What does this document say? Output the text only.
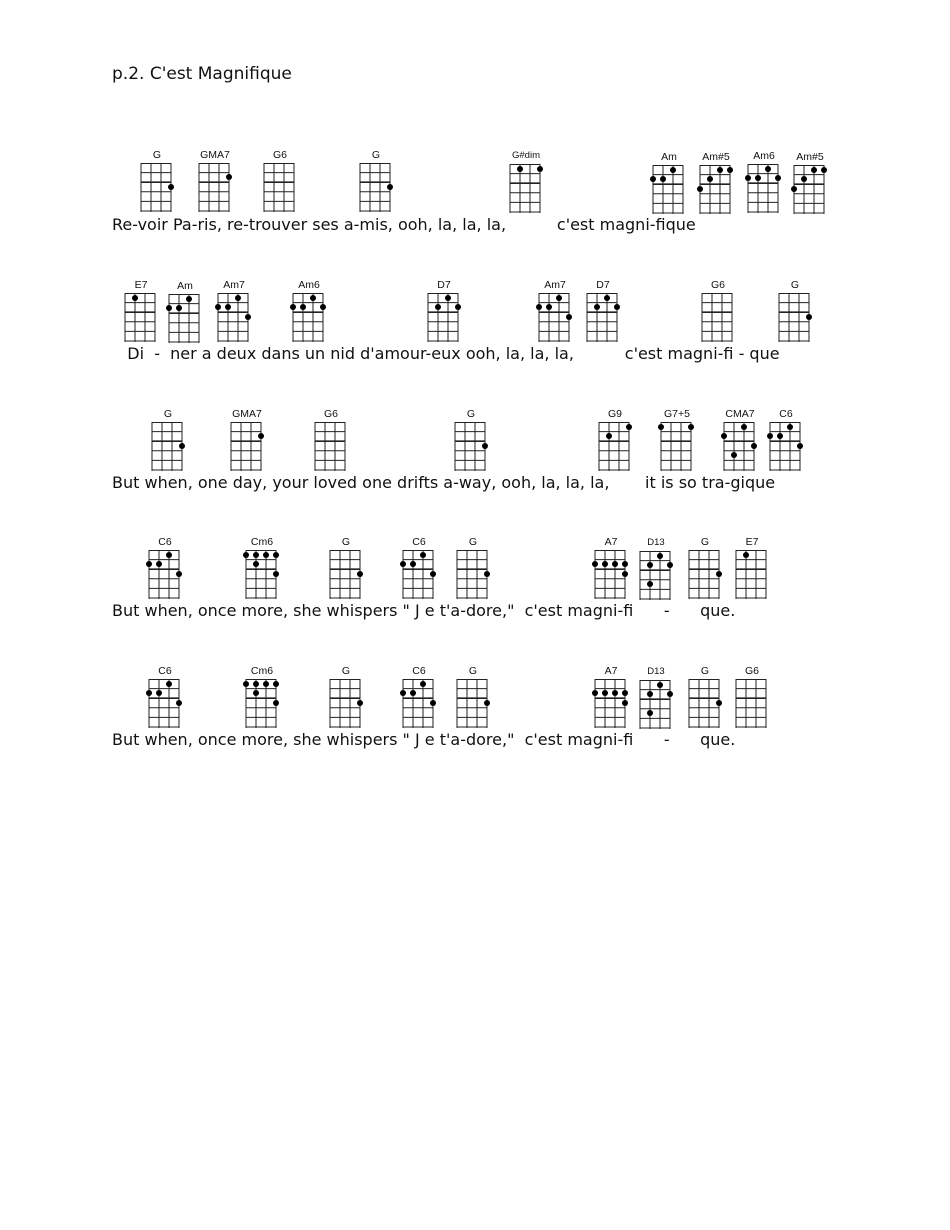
p.2. C'est Magnifique
G	GMA7	G6	G	G#dim	Am	Am#5	Am6	Am#5
Re-voir Pa-ris, re-trouver ses a-mis, ooh, la, la, la,          c'est magni-fique
E7	Am	Am7	Am6	D7	Am7	D7	G6	G
Di  -  ner a deux dans un nid d'amour-eux ooh, la, la, la,          c'est magni-fi - que
G	GMA7	G6	G	G9	G7+5	CMA7	C6
But when, one day, your loved one drifts a-way, ooh, la, la, la,       it is so tra-gique
C6	Cm6	G	C6	G	A7	D13	G	E7
But when, once more, she whispers " J e t'a-dore,"  c'est magni-fi      -      que.
C6	Cm6	G	C6	G	A7	D13	G	G6
But when, once more, she whispers " J e t'a-dore,"  c'est magni-fi      -      que.
